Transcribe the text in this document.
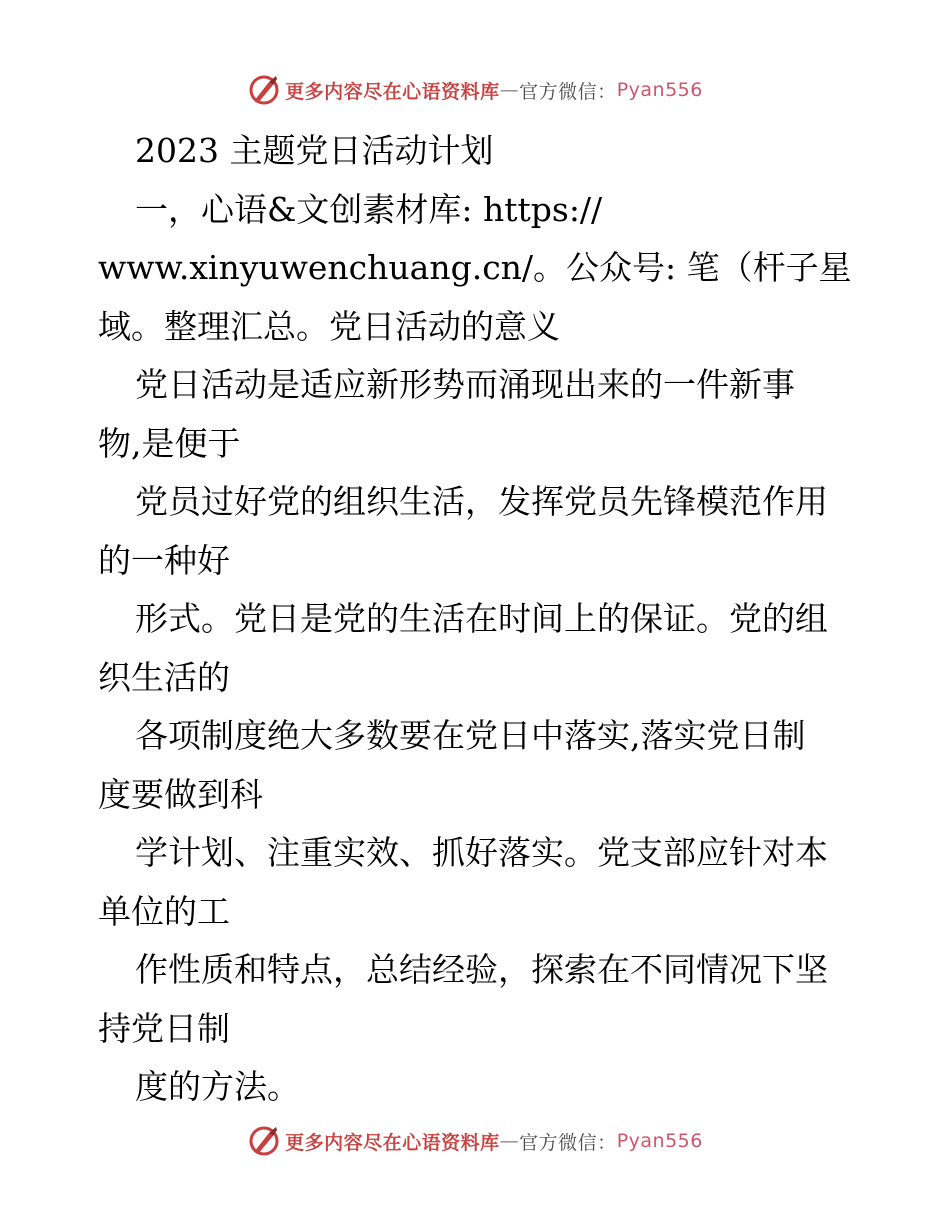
更多内容尽在心语资料库 — 官方微信： Pyan556
2023 主题党日活动计划
一，心语&文创素材库: https://
www.xinyuwenchuang.cn/。公众号: 笔（杆子星
域。整理汇总。党日活动的意义
党日活动是适应新形势而涌现出来的一件新事
物,是便于
党员过好党的组织生活，发挥党员先锋模范作用
的一种好
形式。党日是党的生活在时间上的保证。党的组
织生活的
各项制度绝大多数要在党日中落实,落实党日制
度要做到科
学计划、注重实效、抓好落实。党支部应针对本
单位的工
作性质和特点，总结经验，探索在不同情况下坚
持党日制
度的方法。
更多内容尽在心语资料库 — 官方微信： Pyan556
